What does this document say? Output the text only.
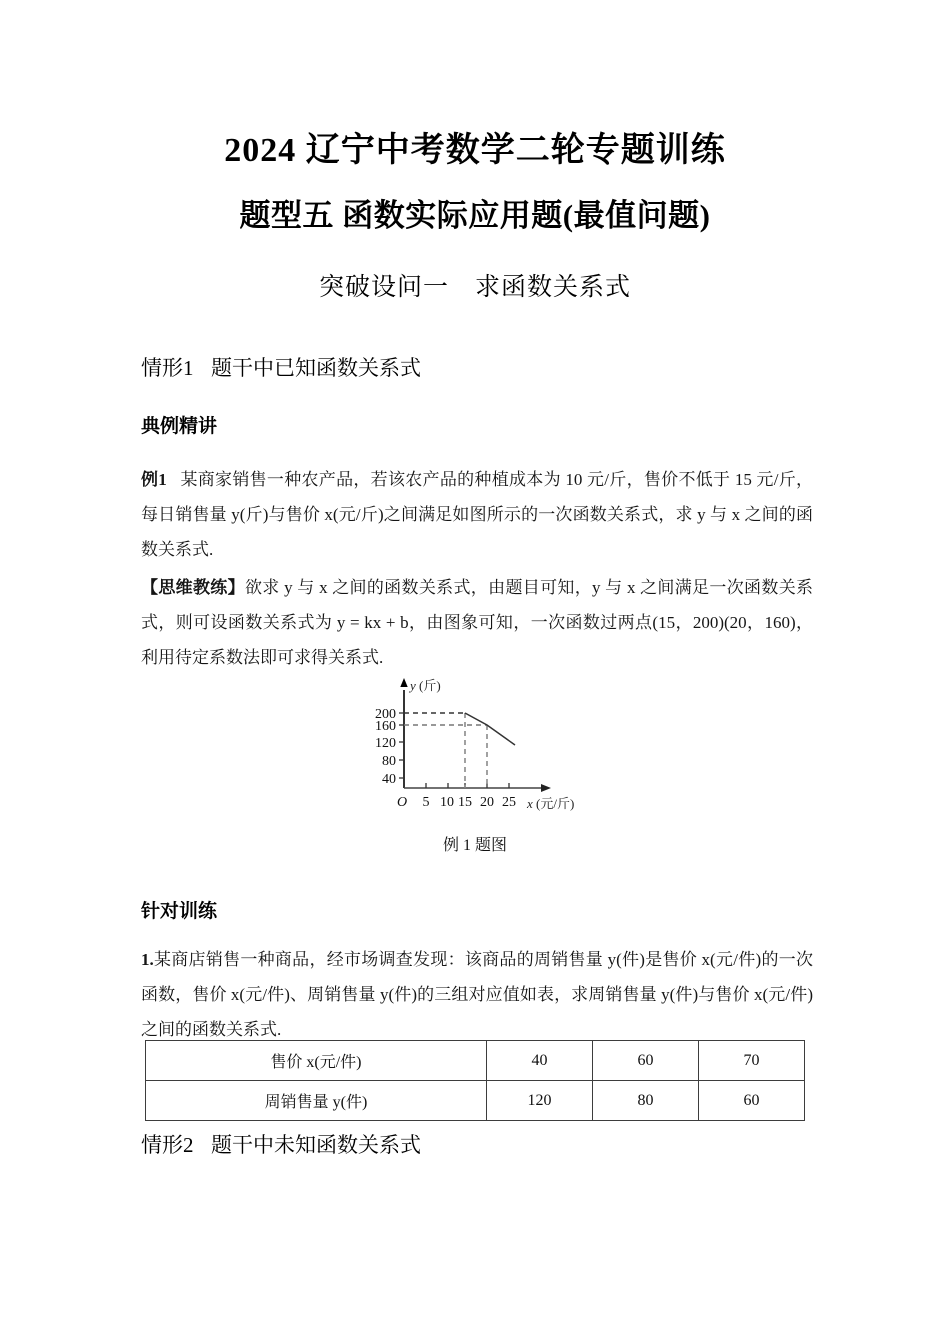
2024 辽宁中考数学二轮专题训练
题型五 函数实际应用题(最值问题)
突破设问一　求函数关系式
情形1 题干中已知函数关系式
典例精讲
例1 某商家销售一种农产品，若该农产品的种植成本为 10 元/斤，售价不低于 15 元/斤，每日销售量 y(斤)与售价 x(元/斤)之间满足如图所示的一次函数关系式，求 y 与 x 之间的函数关系式.
【思维教练】欲求 y 与 x 之间的函数关系式，由题目可知，y 与 x 之间满足一次函数关系式，则可设函数关系式为 y = kx + b，由图象可知，一次函数过两点(15，200)(20，160)，利用待定系数法即可求得关系式.
y (斤)
x (元/斤)
200
160
120
80
40
O 5 10 15 20 25
例 1 题图
针对训练
1.某商店销售一种商品，经市场调查发现：该商品的周销售量 y(件)是售价 x(元/件)的一次函数，售价 x(元/件)、周销售量 y(件)的三组对应值如表，求周销售量 y(件)与售价 x(元/件)之间的函数关系式.
售价 x(元/件)	40	60	70
周销售量 y(件)	120	80	60
情形2 题干中未知函数关系式
